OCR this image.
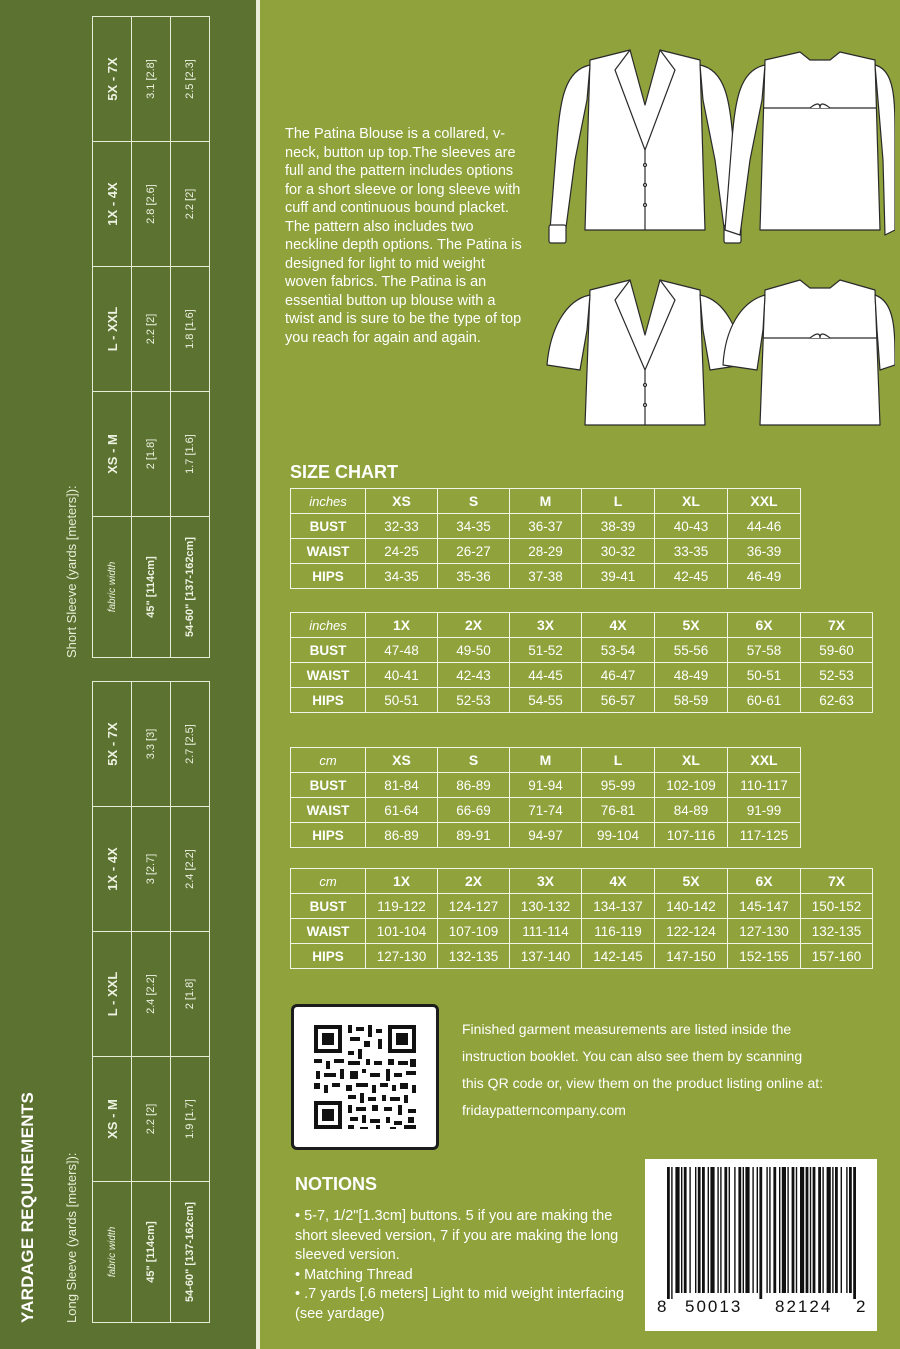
YARDAGE REQUIREMENTS Long Sleeve (yards [meters]):	fabric width	XS - M	L - XXL	1X - 4X	5X - 7X
45" [114cm]	2.2 [2]	2.4 [2.2]	3 [2.7]	3.3 [3]
54-60" [137-162cm]	1.9 [1.7]	2 [1.8]	2.4 [2.2]	2.7 [2.5]
Short Sleeve (yards [meters]):	fabric width	XS - M	L - XXL	1X - 4X	5X - 7X
45" [114cm]	2 [1.8]	2.2 [2]	2.8 [2.6]	3.1 [2.8]
54-60" [137-162cm]	1.7 [1.6]	1.8 [1.6]	2.2 [2]	2.5 [2.3]
The Patina Blouse is a collared, v-neck, button up top.The sleeves are full and the pattern includes options for a short sleeve or long sleeve with cuff and continuous bound placket. The pattern also includes two neckline depth options. The Patina is designed for light to mid weight woven fabrics. The Patina is an essential button up blouse with a twist and is sure to be the type of top you reach for again and again.
SIZE CHART
inches	XS	S	M	L	XL	XXL
BUST	32-33	34-35	36-37	38-39	40-43	44-46
WAIST	24-25	26-27	28-29	30-32	33-35	36-39
HIPS	34-35	35-36	37-38	39-41	42-45	46-49
inches	1X	2X	3X	4X	5X	6X	7X
BUST	47-48	49-50	51-52	53-54	55-56	57-58	59-60
WAIST	40-41	42-43	44-45	46-47	48-49	50-51	52-53
HIPS	50-51	52-53	54-55	56-57	58-59	60-61	62-63
cm	XS	S	M	L	XL	XXL
BUST	81-84	86-89	91-94	95-99	102-109	110-117
WAIST	61-64	66-69	71-74	76-81	84-89	91-99
HIPS	86-89	89-91	94-97	99-104	107-116	117-125
cm	1X	2X	3X	4X	5X	6X	7X
BUST	119-122	124-127	130-132	134-137	140-142	145-147	150-152
WAIST	101-104	107-109	111-114	116-119	122-124	127-130	132-135
HIPS	127-130	132-135	137-140	142-145	147-150	152-155	157-160
Finished garment measurements are listed inside the
instruction booklet. You can also see them by scanning
this QR code or, view them on the product listing online at:
fridaypatterncompany.com
NOTIONS
• 5-7, 1/2"[1.3cm] buttons. 5 if you are making the short sleeved version, 7 if you are making the long sleeved version.
• Matching Thread
• .7 yards [.6 meters] Light to mid weight interfacing (see yardage)	8 50013 82124 2
